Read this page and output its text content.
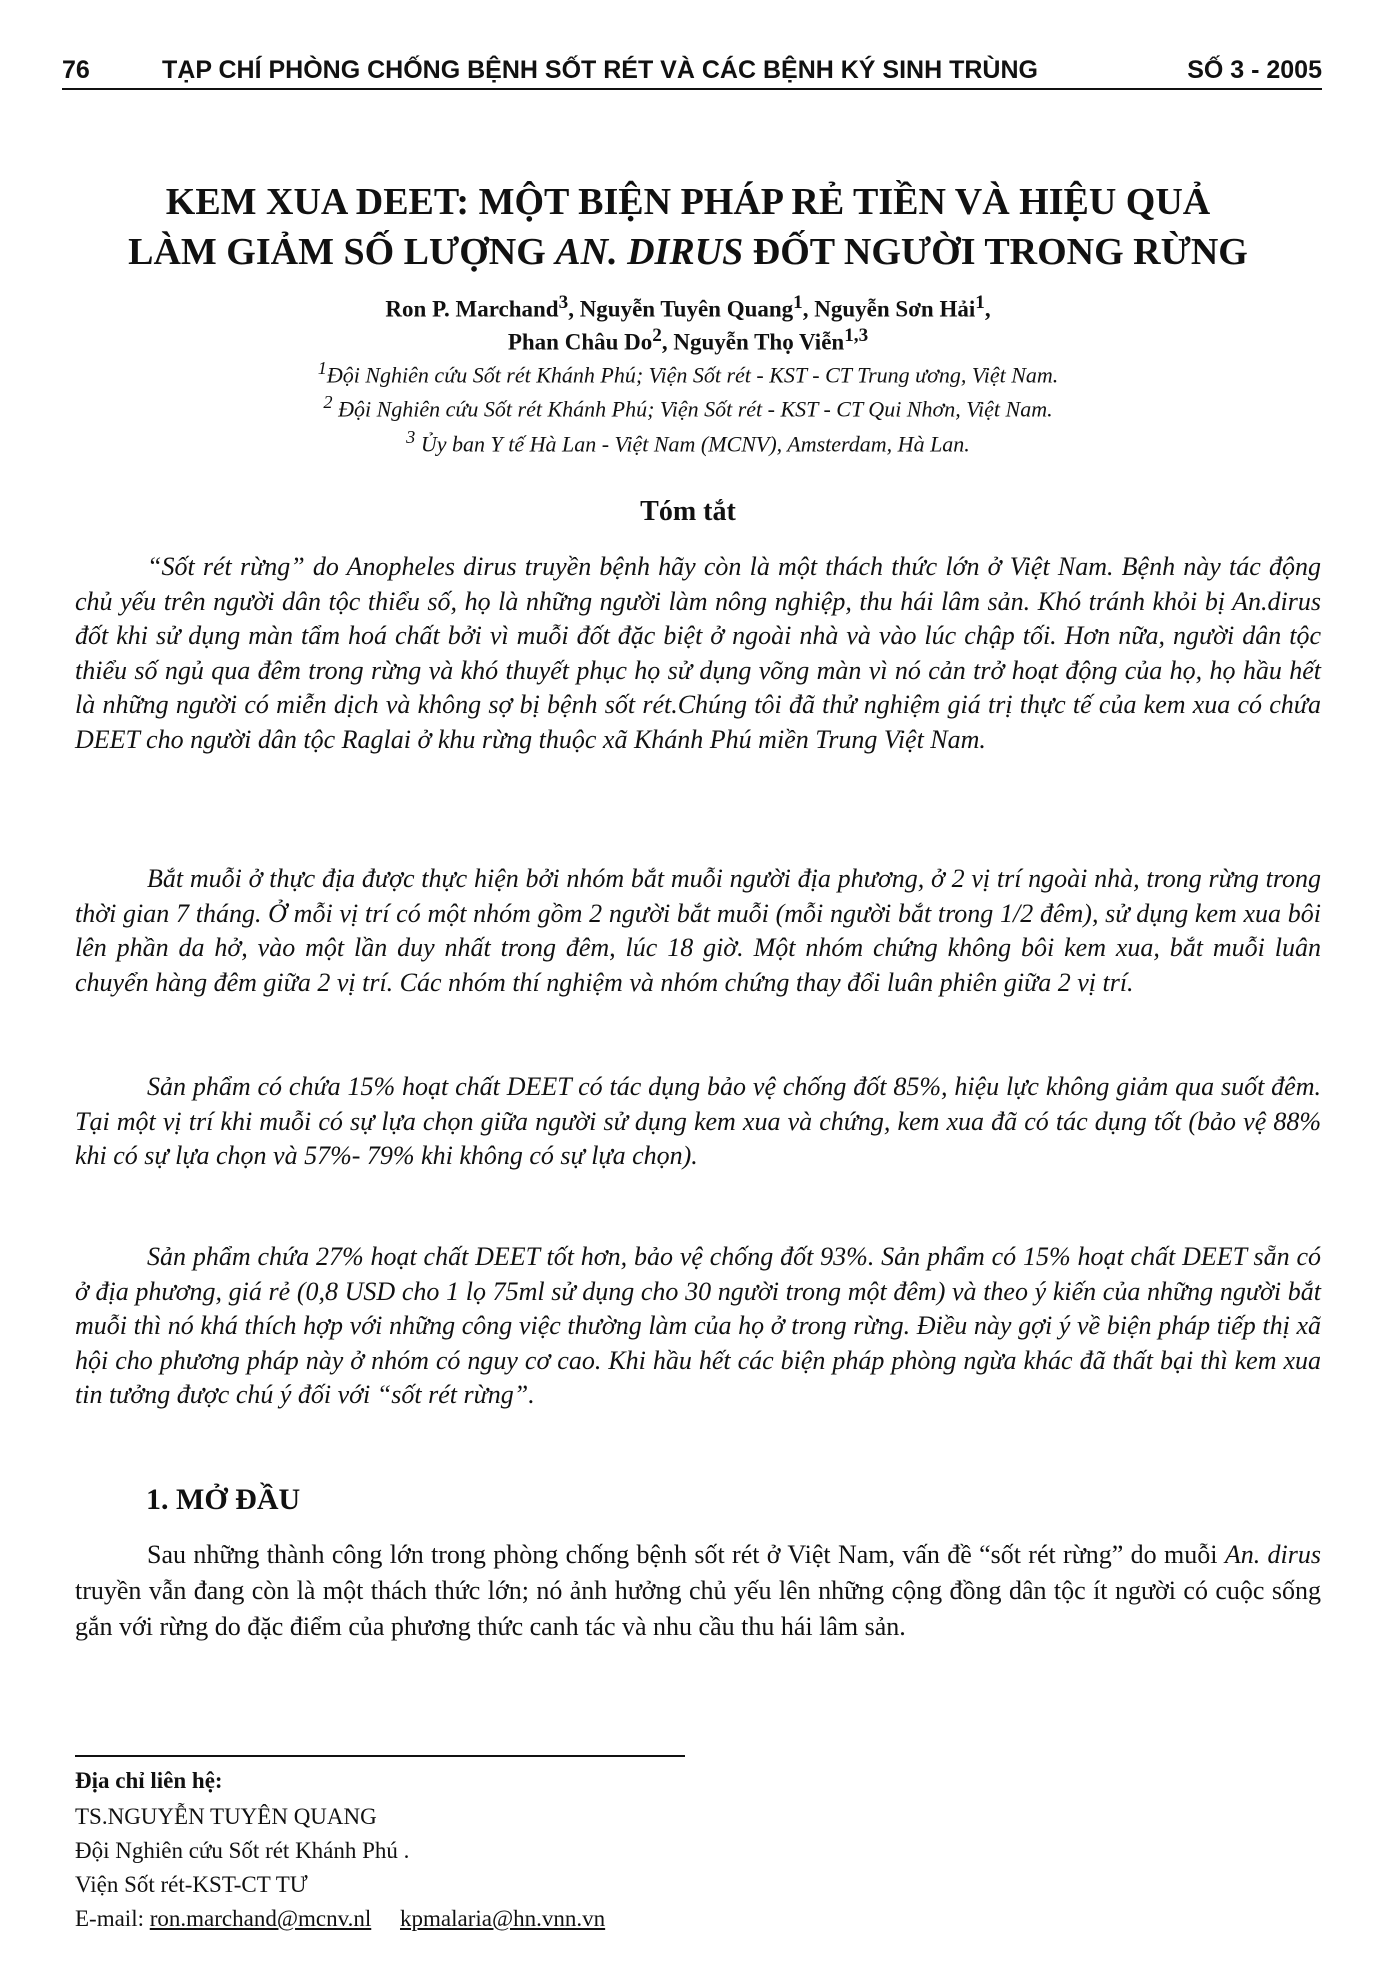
76	TẠP CHÍ PHÒNG CHỐNG BỆNH SỐT RÉT VÀ CÁC BỆNH KÝ SINH TRÙNG	SỐ 3 - 2005
KEM XUA DEET: MỘT BIỆN PHÁP RẺ TIỀN VÀ HIỆU QUẢ
LÀM GIẢM SỐ LƯỢNG AN. DIRUS ĐỐT NGƯỜI TRONG RỪNG
Ron P. Marchand$^3$, Nguyễn Tuyên Quang$^1$, Nguyễn Sơn Hải$^1$,
Phan Châu Do$^2$, Nguyễn Thọ Viễn$^{1,3}$
$^1$Đội Nghiên cứu Sốt rét Khánh Phú; Viện Sốt rét - KST - CT Trung ương, Việt Nam.
$^2$ Đội Nghiên cứu Sốt rét Khánh Phú; Viện Sốt rét - KST - CT Qui Nhơn, Việt Nam.
$^3$ Ủy ban Y tế Hà Lan - Việt Nam (MCNV), Amsterdam, Hà Lan.
Tóm tắt

“Sốt rét rừng” do Anopheles dirus truyền bệnh hãy còn là một thách thức lớn ở Việt Nam. Bệnh này tác động chủ yếu trên người dân tộc thiểu số, họ là những người làm nông nghiệp, thu hái lâm sản. Khó tránh khỏi bị An.dirus đốt khi sử dụng màn tẩm hoá chất bởi vì muỗi đốt đặc biệt ở ngoài nhà và vào lúc chập tối. Hơn nữa, người dân tộc thiểu số ngủ qua đêm trong rừng và khó thuyết phục họ sử dụng võng màn vì nó cản trở hoạt động của họ, họ hầu hết là những người có miễn dịch và không sợ bị bệnh sốt rét.Chúng tôi đã thử nghiệm giá trị thực tế của kem xua có chứa DEET cho người dân tộc Raglai ở khu rừng thuộc xã Khánh Phú miền Trung Việt Nam.

Bắt muỗi ở thực địa được thực hiện bởi nhóm bắt muỗi người địa phương, ở 2 vị trí ngoài nhà, trong rừng trong thời gian 7 tháng. Ở mỗi vị trí có một nhóm gồm 2 người bắt muỗi (mỗi người bắt trong 1/2 đêm), sử dụng kem xua bôi lên phần da hở, vào một lần duy nhất trong đêm, lúc 18 giờ. Một nhóm chứng không bôi kem xua, bắt muỗi luân chuyển hàng đêm giữa 2 vị trí. Các nhóm thí nghiệm và nhóm chứng thay đổi luân phiên giữa 2 vị trí.

Sản phẩm có chứa 15% hoạt chất DEET có tác dụng bảo vệ chống đốt 85%, hiệu lực không giảm qua suốt đêm. Tại một vị trí khi muỗi có sự lựa chọn giữa người sử dụng kem xua và chứng, kem xua đã có tác dụng tốt (bảo vệ 88% khi có sự lựa chọn và 57%- 79% khi không có sự lựa chọn).

Sản phẩm chứa 27% hoạt chất DEET tốt hơn, bảo vệ chống đốt 93%. Sản phẩm có 15% hoạt chất DEET sẵn có ở địa phương, giá rẻ (0,8 USD cho 1 lọ 75ml sử dụng cho 30 người trong một đêm) và theo ý kiến của những người bắt muỗi thì nó khá thích hợp với những công việc thường làm của họ ở trong rừng. Điều này gợi ý về biện pháp tiếp thị xã hội cho phương pháp này ở nhóm có nguy cơ cao. Khi hầu hết các biện pháp phòng ngừa khác đã thất bại thì kem xua tin tưởng được chú ý đối với “sốt rét rừng”.

1. MỞ ĐẦU

Sau những thành công lớn trong phòng chống bệnh sốt rét ở Việt Nam, vấn đề “sốt rét rừng” do muỗi An. dirus truyền vẫn đang còn là một thách thức lớn; nó ảnh hưởng chủ yếu lên những cộng đồng dân tộc ít người có cuộc sống gắn với rừng do đặc điểm của phương thức canh tác và nhu cầu thu hái lâm sản.

Địa chỉ liên hệ:
TS.NGUYỄN TUYÊN QUANG
Đội Nghiên cứu Sốt rét Khánh Phú .
Viện Sốt rét-KST-CT TƯ
E-mail: ron.marchand@mcnv.nl kpmalaria@hn.vnn.vn
